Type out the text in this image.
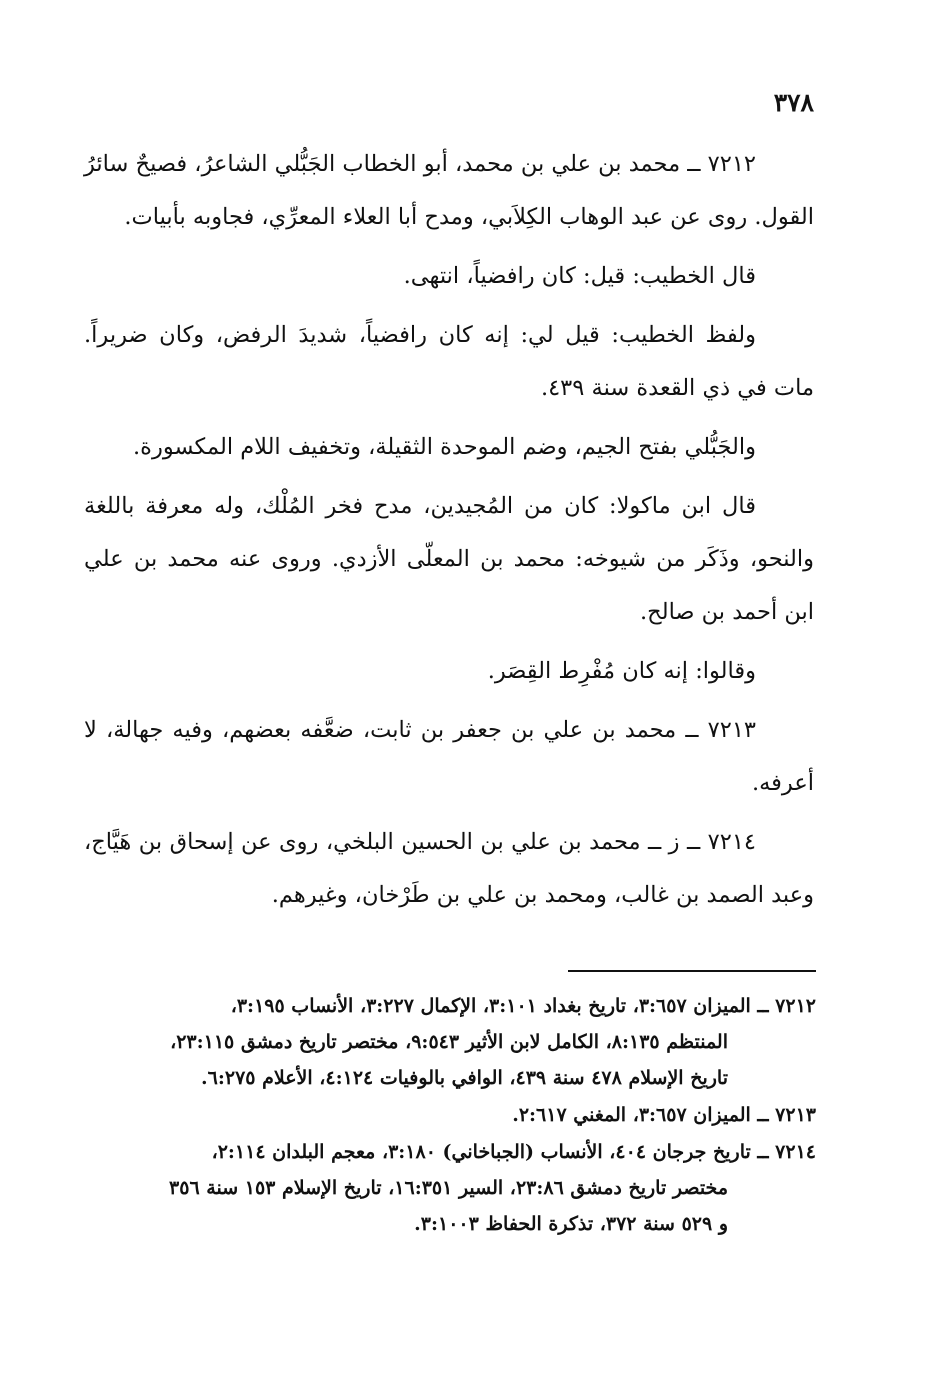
٣٧٨

٧٢١٢ ــ محمد بن علي بن محمد، أبو الخطاب الجَبُّلي الشاعرُ، فصيحٌ سائرُ القول. روى عن عبد الوهاب الكِلاَبي، ومدح أبا العلاء المعرِّي، فجاوبه بأبيات.

قال الخطيب: قيل: كان رافضياً، انتهى.

ولفظ الخطيب: قيل لي: إنه كان رافضياً، شديدَ الرفض، وكان ضريراً. مات في ذي القعدة سنة ٤٣٩.

والجَبُّلي بفتح الجيم، وضم الموحدة الثقيلة، وتخفيف اللام المكسورة.

قال ابن ماكولا: كان من المُجيدين، مدح فخر المُلْك، وله معرفة باللغة والنحو، وذَكَر من شيوخه: محمد بن المعلّى الأزدي. وروى عنه محمد بن علي ابن أحمد بن صالح.

وقالوا: إنه كان مُفْرِط القِصَر.

٧٢١٣ ــ محمد بن علي بن جعفر بن ثابت، ضعَّفه بعضهم، وفيه جهالة، لا أعرفه.

٧٢١٤ ــ ز ــ محمد بن علي بن الحسين البلخي، روى عن إسحاق بن هَيَّاج، وعبد الصمد بن غالب، ومحمد بن علي بن طَرْخان، وغيرهم.

٧٢١٢ ــ الميزان ٣:٦٥٧، تاريخ بغداد ٣:١٠١، الإكمال ٣:٢٢٧، الأنساب ٣:١٩٥،
المنتظم ٨:١٣٥، الكامل لابن الأثير ٩:٥٤٣، مختصر تاريخ دمشق ٢٣:١١٥،
تاريخ الإسلام ٤٧٨ سنة ٤٣٩، الوافي بالوفيات ٤:١٢٤، الأعلام ٦:٢٧٥.
٧٢١٣ ــ الميزان ٣:٦٥٧، المغني ٢:٦١٧.
٧٢١٤ ــ تاريخ جرجان ٤٠٤، الأنساب (الجباخاني) ٣:١٨٠، معجم البلدان ٢:١١٤،
مختصر تاريخ دمشق ٢٣:٨٦، السير ١٦:٣٥١، تاريخ الإسلام ١٥٣ سنة ٣٥٦
و ٥٢٩ سنة ٣٧٢، تذكرة الحفاظ ٣:١٠٠٣.
